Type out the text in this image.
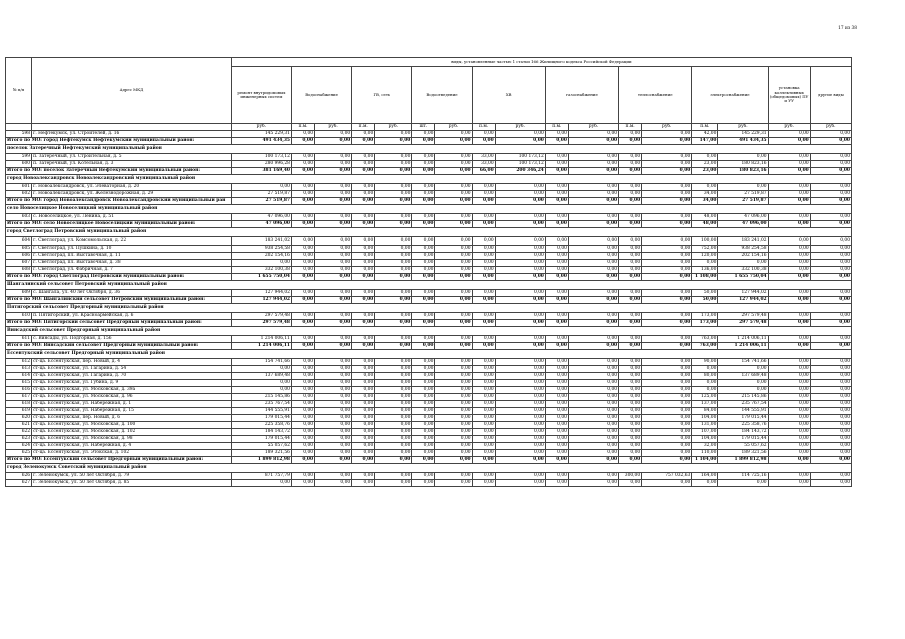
17 из 38
№ п/п	Адрес МКД	виды, установленные частью 1 статьи 166 Жилищного кодекса Российской Федерации																
		ремонт внутридомовых инженерных систем	Водоснабжение		ГВ, сеть		Водоотведение		ХВ		газоснабжение		теплоснабжение		электроснабжение		установка коллективных (общедомовых) ПУ и УУ	другие виды
		руб.	п.м.	руб.	п.м.	руб.	шт.	руб.	п.м.	руб.	п.м.	руб.	п.м.	руб.	п.м.	руб.	руб.	руб.
598	г. Нефтекумск, ул. Строителей, д. 16	145 229,31	0,00	0,00	0,00	0,00	0,00	0,00	0,00	0,00	0,00	0,00	0,00	0,00	42,00	145 229,31	0,00	0,00
Итого по МО: город Нефтекумск Нефтекумский муниципальный район:		491 434,35	0,00	0,00	0,00	0,00	0,00	0,00	0,00	0,00	0,00	0,00	0,00	0,00	147,00	491 434,35	0,00	0,00
поселок Затеречный Нефтекумский муниципальный район																		
599	п. Затеречный, ул. Строительная, д. 5	100 173,12	0,00	0,00	0,00	0,00	0,00	0,00	33,00	100 173,12	0,00	0,00	0,00	0,00	0,00	0,00	0,00	0,00
600	п. Затеречный, ул. Котельная, д. 3	280 996,28	0,00	0,00	0,00	0,00	0,00	0,00	33,00	100 173,12	0,00	0,00	0,00	0,00	23,00	180 823,16	0,00	0,00
Итого по МО: поселок Затеречный Нефтекумский муниципальный район:		381 169,40	0,00	0,00	0,00	0,00	0,00	0,00	66,00	200 346,24	0,00	0,00	0,00	0,00	23,00	180 823,16	0,00	0,00
город Новоалександровск Новоалександровский муниципальный район																		
601	г. Новоалександровск, ул. Элеваторная, д. 20	0,00	0,00	0,00	0,00	0,00	0,00	0,00	0,00	0,00	0,00	0,00	0,00	0,00	0,00	0,00	0,00	0,00
602	г. Новоалександровск, ул. Железнодорожная, д. 29	27 519,87	0,00	0,00	0,00	0,00	0,00	0,00	0,00	0,00	0,00	0,00	0,00	0,00	34,00	27 519,87	0,00	0,00
Итого по МО: город Новоалександровск Новоалександровский муниципальный рай		27 519,87	0,00	0,00	0,00	0,00	0,00	0,00	0,00	0,00	0,00	0,00	0,00	0,00	34,00	27 519,87	0,00	0,00
село Новоселицкое Новоселицкий муниципальный район																		
603	с. Новоселицкое, ул. Ленина, д. 51	47 096,00	0,00	0,00	0,00	0,00	0,00	0,00	0,00	0,00	0,00	0,00	0,00	0,00	48,00	47 096,00	0,00	0,00
Итого по МО: село Новоселицкое Новоселицкий муниципальный район:		47 096,00	0,00	0,00	0,00	0,00	0,00	0,00	0,00	0,00	0,00	0,00	0,00	0,00	48,00	47 096,00	0,00	0,00
город Светлоград Петровский муниципальный район																		
604	г. Светлоград, ул. Комсомольская, д. 22	183 241,02	0,00	0,00	0,00	0,00	0,00	0,00	0,00	0,00	0,00	0,00	0,00	0,00	100,00	183 241,02	0,00	0,00
605	г. Светлоград, ул. Пушкина, д. 10	938 254,58	0,00	0,00	0,00	0,00	0,00	0,00	0,00	0,00	0,00	0,00	0,00	0,00	752,00	938 254,58	0,00	0,00
606	г. Светлоград, пл. Выставочная, д. 11	202 154,16	0,00	0,00	0,00	0,00	0,00	0,00	0,00	0,00	0,00	0,00	0,00	0,00	120,00	202 154,16	0,00	0,00
607	г. Светлоград, пл. Выставочная, д. 38	0,00	0,00	0,00	0,00	0,00	0,00	0,00	0,00	0,00	0,00	0,00	0,00	0,00	0,00	0,00	0,00	0,00
608	г. Светлоград, ул. Фабричная, д. 7	332 100,38	0,00	0,00	0,00	0,00	0,00	0,00	0,00	0,00	0,00	0,00	0,00	0,00	136,00	332 100,38	0,00	0,00
Итого по МО: город Светлоград Петровский муниципальный район:		1 655 750,04	0,00	0,00	0,00	0,00	0,00	0,00	0,00	0,00	0,00	0,00	0,00	0,00	1 108,00	1 655 750,04	0,00	0,00
Шангалинский сельсовет Петровский муниципальный район																		
609	с. Шангала, ул. 40 лет Октября, д. 36	127 944,02	0,00	0,00	0,00	0,00	0,00	0,00	0,00	0,00	0,00	0,00	0,00	0,00	50,00	127 944,02	0,00	0,00
Итого по МО: Шангалинский сельсовет Петровский муниципальный район:		127 944,02	0,00	0,00	0,00	0,00	0,00	0,00	0,00	0,00	0,00	0,00	0,00	0,00	50,00	127 944,02	0,00	0,00
Пятигорский сельсовет Предгорный муниципальный район																		
610	п. Пятигорский, ул. Красноармейская, д. 6	297 579,48	0,00	0,00	0,00	0,00	0,00	0,00	0,00	0,00	0,00	0,00	0,00	0,00	173,00	297 579,48	0,00	0,00
Итого по МО: Пятигорский сельсовет Предгорный муниципальный район:		297 579,48	0,00	0,00	0,00	0,00	0,00	0,00	0,00	0,00	0,00	0,00	0,00	0,00	173,00	297 579,48	0,00	0,00
Винсадский сельсовет Предгорный муниципальный район																		
611	с. Винсады, ул. Подгорная, д. 156	1 214 006,11	0,00	0,00	0,00	0,00	0,00	0,00	0,00	0,00	0,00	0,00	0,00	0,00	763,00	1 214 006,11	0,00	0,00
Итого по МО: Винсадский сельсовет Предгорный муниципальный район:		1 214 006,11	0,00	0,00	0,00	0,00	0,00	0,00	0,00	0,00	0,00	0,00	0,00	0,00	763,00	1 214 006,11	0,00	0,00
Ессентукский сельсовет Предгорный муниципальный район																		
612	ст-ца. Ессентукская, пер. Новый, д. 4	154 741,66	0,00	0,00	0,00	0,00	0,00	0,00	0,00	0,00	0,00	0,00	0,00	0,00	90,00	154 741,66	0,00	0,00
613	ст-ца. Ессентукская, ул. Гагарина, д. 54	0,00	0,00	0,00	0,00	0,00	0,00	0,00	0,00	0,00	0,00	0,00	0,00	0,00	0,00	0,00	0,00	0,00
614	ст-ца. Ессентукская, ул. Гагарина, д. 70	137 689,48	0,00	0,00	0,00	0,00	0,00	0,00	0,00	0,00	0,00	0,00	0,00	0,00	80,00	137 689,48	0,00	0,00
615	ст-ца. Ессентукская, ул. Губина, д. 9	0,00	0,00	0,00	0,00	0,00	0,00	0,00	0,00	0,00	0,00	0,00	0,00	0,00	0,00	0,00	0,00	0,00
616	ст-ца. Ессентукская, ул. Московская, д. 39а	0,00	0,00	0,00	0,00	0,00	0,00	0,00	0,00	0,00	0,00	0,00	0,00	0,00	0,00	0,00	0,00	0,00
617	ст-ца. Ессентукская, ул. Московская, д. 96	215 145,86	0,00	0,00	0,00	0,00	0,00	0,00	0,00	0,00	0,00	0,00	0,00	0,00	125,00	215 145,86	0,00	0,00
618	ст-ца. Ессентукская, ул. Набережная, д. 1	235 767,54	0,00	0,00	0,00	0,00	0,00	0,00	0,00	0,00	0,00	0,00	0,00	0,00	137,00	235 767,54	0,00	0,00
619	ст-ца. Ессентукская, ул. Набережная, д. 15	144 555,91	0,00	0,00	0,00	0,00	0,00	0,00	0,00	0,00	0,00	0,00	0,00	0,00	84,00	144 555,91	0,00	0,00
620	ст-ца. Ессентукская, пер. Новый, д. 6	179 015,44	0,00	0,00	0,00	0,00	0,00	0,00	0,00	0,00	0,00	0,00	0,00	0,00	104,00	179 015,44	0,00	0,00
621	ст-ца. Ессентукская, ул. Московская, д. 100	225 358,76	0,00	0,00	0,00	0,00	0,00	0,00	0,00	0,00	0,00	0,00	0,00	0,00	131,00	225 358,76	0,00	0,00
622	ст-ца. Ессентукская, ул. Московская, д. 102	184 143,72	0,00	0,00	0,00	0,00	0,00	0,00	0,00	0,00	0,00	0,00	0,00	0,00	107,00	184 143,72	0,00	0,00
623	ст-ца. Ессентукская, ул. Московская, д. 98	179 015,44	0,00	0,00	0,00	0,00	0,00	0,00	0,00	0,00	0,00	0,00	0,00	0,00	104,00	179 015,44	0,00	0,00
624	ст-ца. Ессентукская, ул. Набережная, д. 4	55 057,62	0,00	0,00	0,00	0,00	0,00	0,00	0,00	0,00	0,00	0,00	0,00	0,00	32,00	55 057,62	0,00	0,00
625	ст-ца. Ессентукская, ул. Этокская, д. 102	189 321,56	0,00	0,00	0,00	0,00	0,00	0,00	0,00	0,00	0,00	0,00	0,00	0,00	110,00	189 321,56	0,00	0,00
Итого по МО: Ессентукский сельсовет Предгорный муниципальный район:		1 899 812,98	0,00	0,00	0,00	0,00	0,00	0,00	0,00	0,00	0,00	0,00	0,00	0,00	1 104,00	1 899 812,98	0,00	0,00
город Зеленокумск Советский муниципальный район																		
626	г. Зеленокумск, ул. 50 лет Октября, д. 79	871 757,79	0,00	0,00	0,00	0,00	0,00	0,00	0,00	0,00	0,00	0,00	300,00	757 032,63	164,00	114 725,16	0,00	0,00
627	г. Зеленокумск, ул. 50 лет Октября, д. 85	0,00	0,00	0,00	0,00	0,00	0,00	0,00	0,00	0,00	0,00	0,00	0,00	0,00	0,00	0,00	0,00	0,00
